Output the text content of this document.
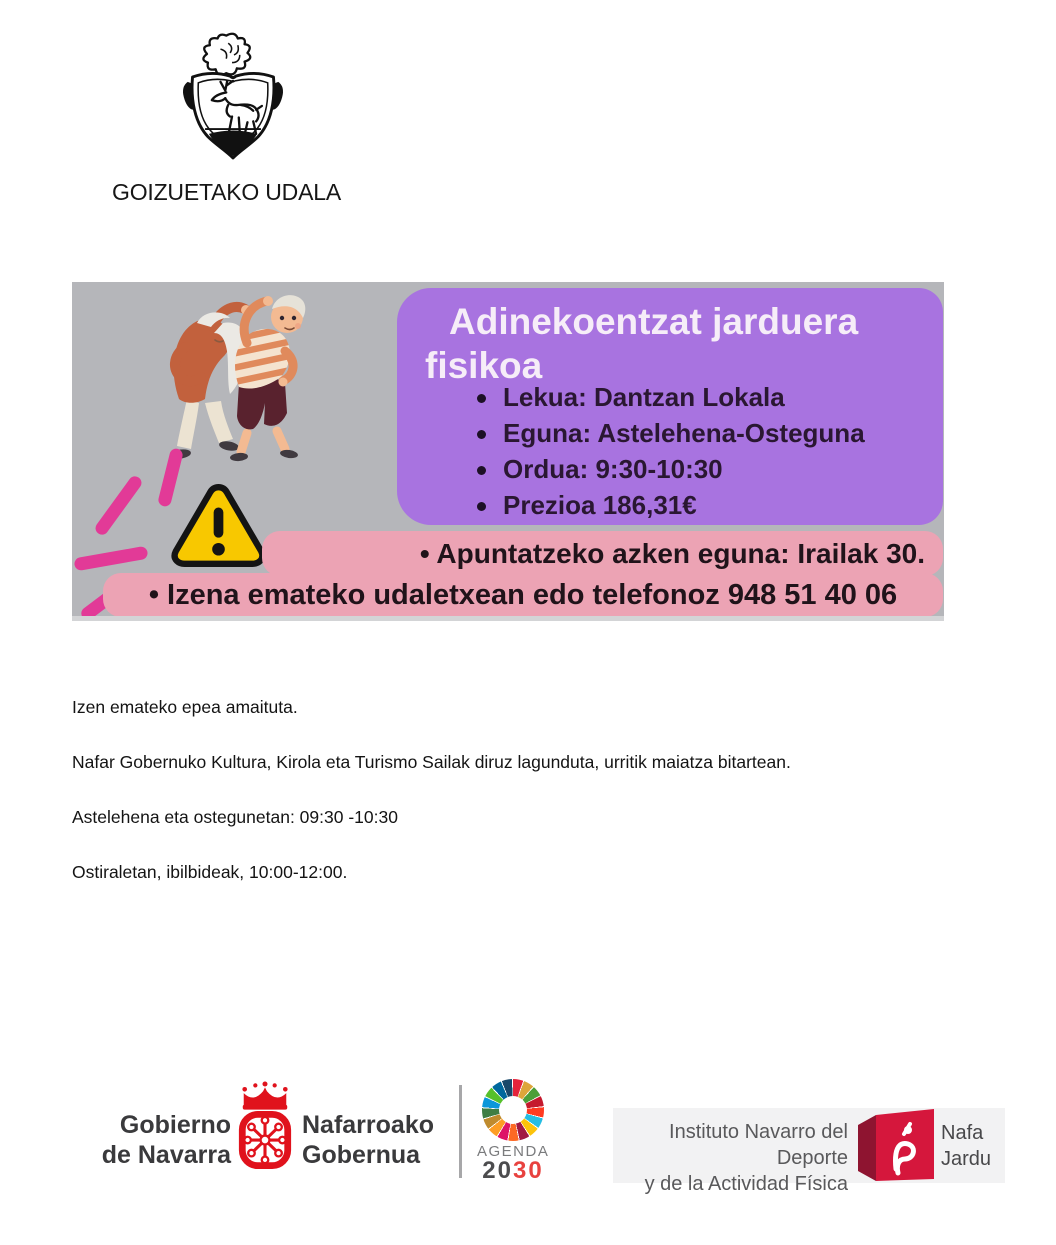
GOIZUETAKO UDALA
Adinekoentzat jarduera
fisikoa
Lekua: Dantzan Lokala
Eguna: Astelehena-Osteguna
Ordua: 9:30-10:30
Prezioa 186,31€
• Apuntatzeko azken eguna: Irailak 30.
• Izena emateko udaletxean edo telefonoz 948 51 40 06

Izen emateko epea amaituta.

Nafar Gobernuko Kultura, Kirola eta Turismo Sailak diruz lagunduta, urritik maiatza bitartean.

Astelehena eta ostegunetan: 09:30 -10:30

Ostiraletan, ibilbideak, 10:00-12:00.

Gobierno
de Navarra
Nafarroako
Gobernua	AGENDA
2030
Instituto Navarro del Deporte
y de la Actividad Física
Nafa
Jardu
